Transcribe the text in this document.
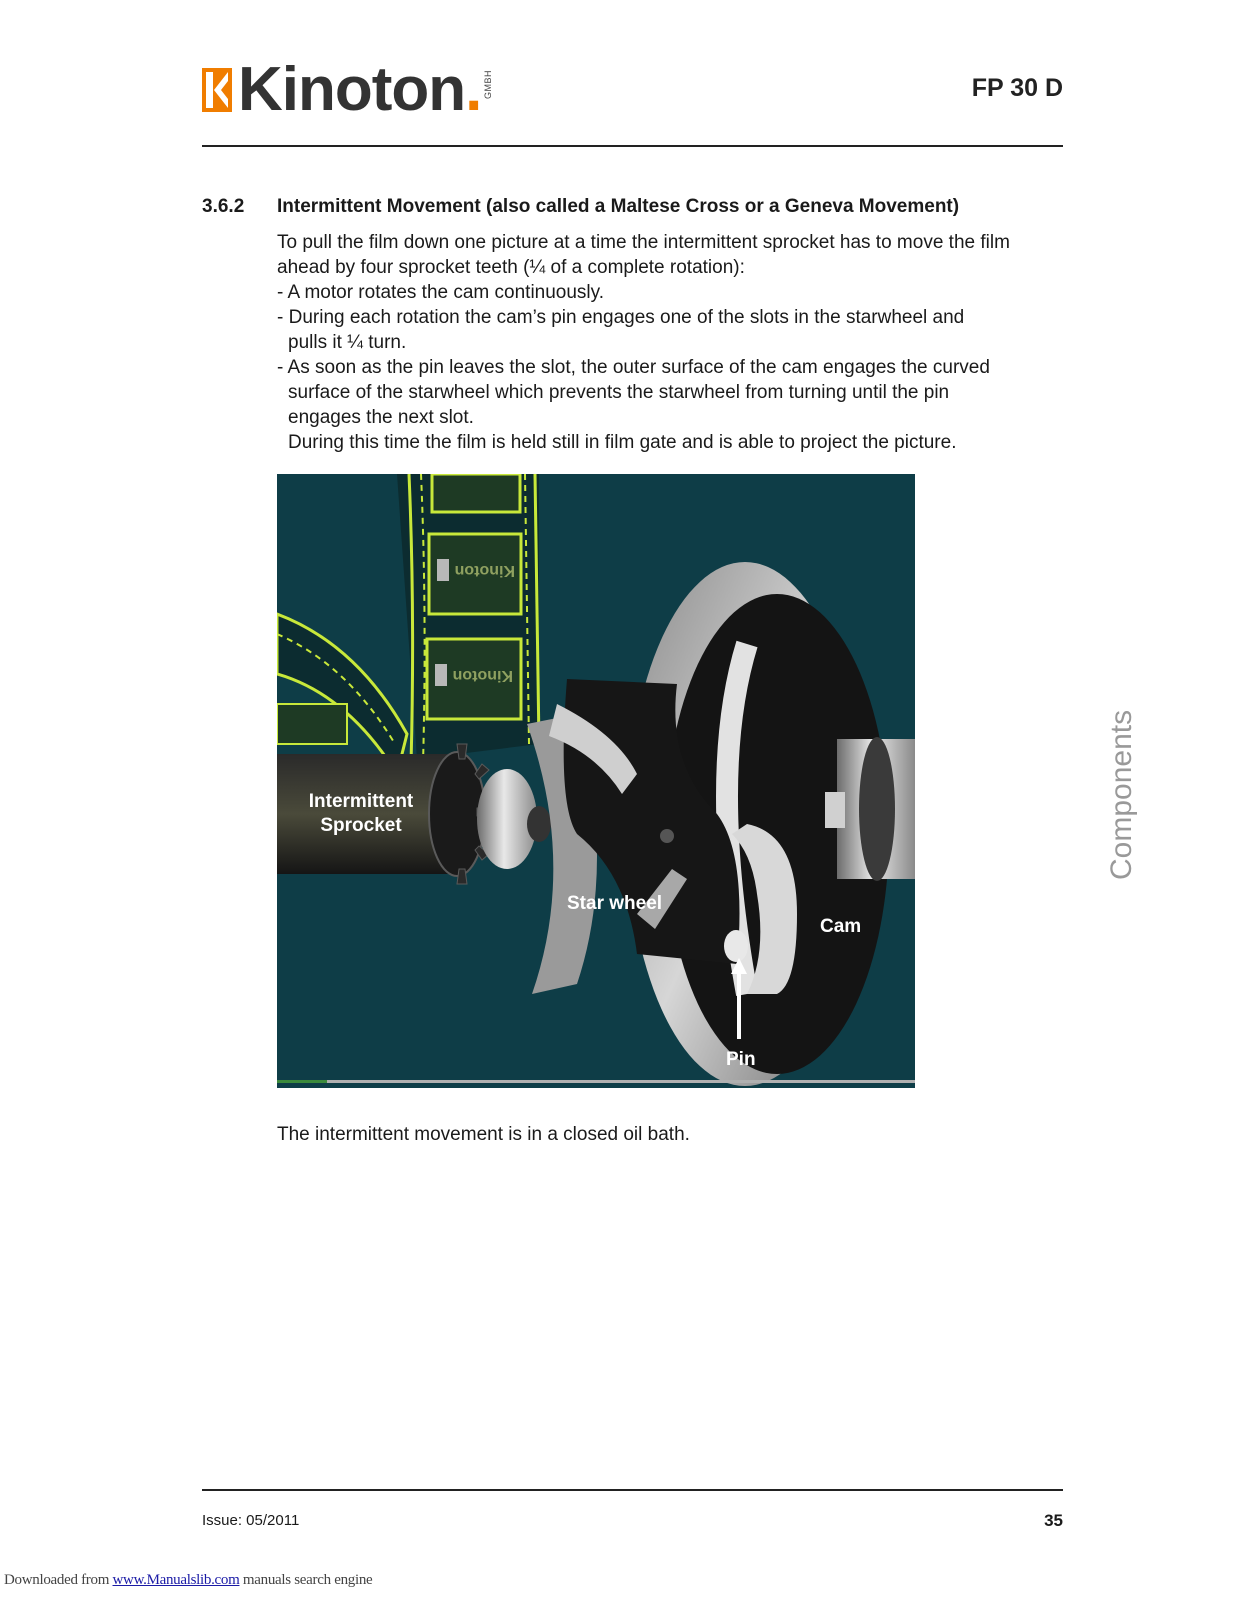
Kinoton. GMBH	FP 30 D
3.6.2 Intermittent Movement (also called a Maltese Cross or a Geneva Movement)

To pull the film down one picture at a time the intermittent sprocket has to move the film ahead by four sprocket teeth (¼ of a complete rotation):

- A motor rotates the cam continuously.

- During each rotation the cam’s pin engages one of the slots in the starwheel and

pulls it ¼ turn.

- As soon as the pin leaves the slot, the outer surface of the cam engages the curved

surface of the starwheel which prevents the starwheel from turning until the pin

engages the next slot.

During this time the film is held still in film gate and is able to project the picture.

Kinoton
Kinoton
Intermittent
Sprocket
Star wheel
Cam
Pin
The intermittent movement is in a closed oil bath.
Components
Issue: 05/2011	35
Downloaded from www.Manualslib.com manuals search engine
